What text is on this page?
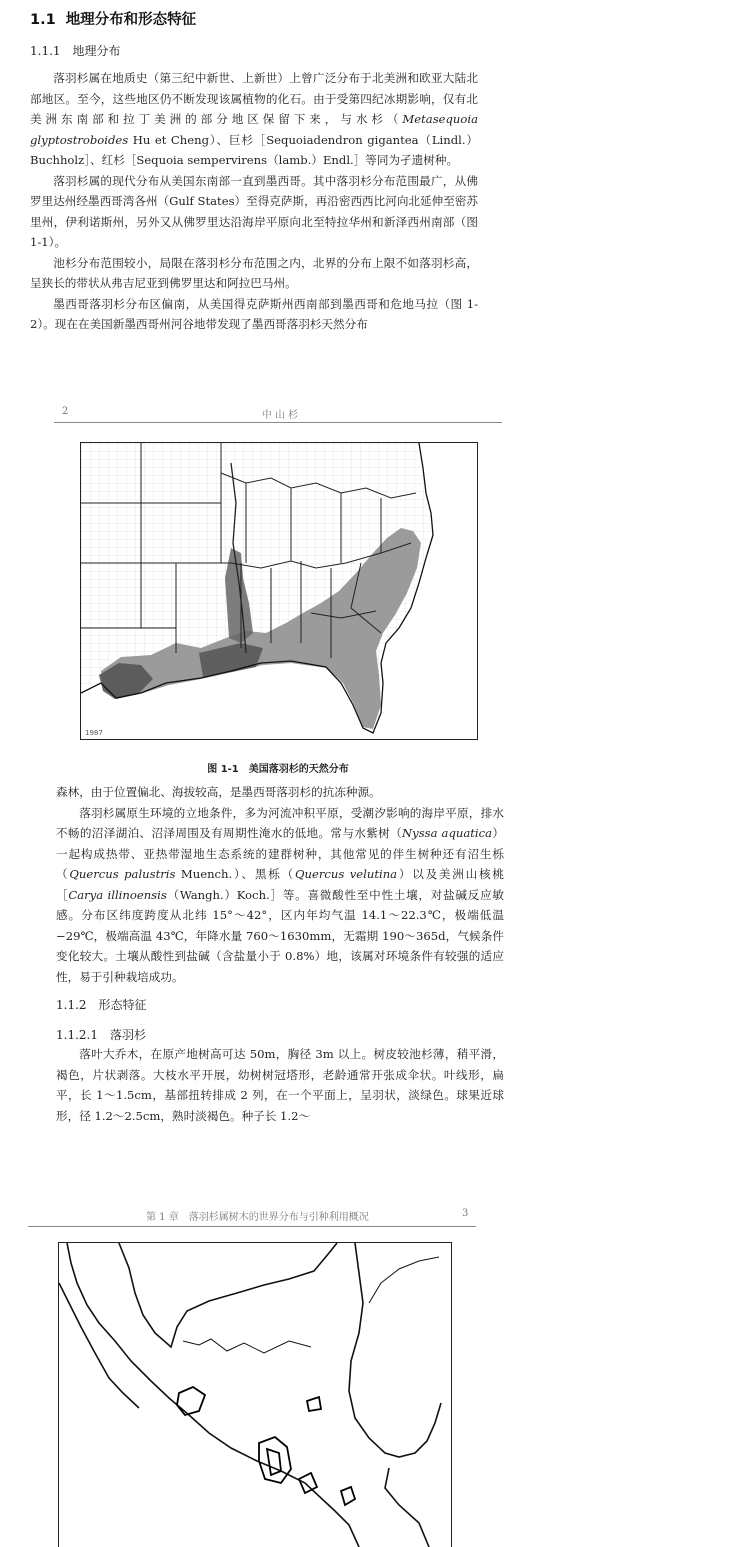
1.1 地理分布和形态特征
1.1.1 地理分布

落羽杉属在地质史（第三纪中新世、上新世）上曾广泛分布于北美洲和欧亚大陆北部地区。至今，这些地区仍不断发现该属植物的化石。由于受第四纪冰期影响，仅有北美洲东南部和拉丁美洲的部分地区保留下来，与水杉（Metasequoia glyptostroboides Hu et Cheng）、巨杉［Sequoiadendron gigantea（Lindl.）Buchholz］、红杉［Sequoia sempervirens（lamb.）Endl.］等同为孑遗树种。

落羽杉属的现代分布从美国东南部一直到墨西哥。其中落羽杉分布范围最广，从佛罗里达州经墨西哥湾各州（Gulf States）至得克萨斯，再沿密西西比河向北延伸至密苏里州，伊利诺斯州，另外又从佛罗里达沿海岸平原向北至特拉华州和新泽西州南部（图 1-1）。

池杉分布范围较小，局限在落羽杉分布范围之内，北界的分布上限不如落羽杉高，呈狭长的带状从弗吉尼亚到佛罗里达和阿拉巴马州。

墨西哥落羽杉分布区偏南，从美国得克萨斯州西南部到墨西哥和危地马拉（图 1-2）。现在在美国新墨西哥州河谷地带发现了墨西哥落羽杉天然分布

2	中 山 杉
1987
图 1-1 美国落羽杉的天然分布

森林，由于位置偏北、海拔较高，是墨西哥落羽杉的抗冻种源。

落羽杉属原生环境的立地条件，多为河流冲积平原，受潮汐影响的海岸平原，排水不畅的沼泽湖泊、沼泽周围及有周期性淹水的低地。常与水紫树（Nyssa aquatica）一起构成热带、亚热带湿地生态系统的建群树种，其他常见的伴生树种还有沼生栎（Quercus palustris Muench.）、黑栎（Quercus velutina）以及美洲山核桃［Carya illinoensis（Wangh.）Koch.］等。喜微酸性至中性土壤，对盐碱反应敏感。分布区纬度跨度从北纬 15°～42°，区内年均气温 14.1～22.3℃，极端低温 −29℃，极端高温 43℃，年降水量 760～1630mm，无霜期 190～365d，气候条件变化较大。土壤从酸性到盐碱（含盐量小于 0.8%）地，该属对环境条件有较强的适应性，易于引种栽培成功。

1.1.2 形态特征
1.1.2.1 落羽杉

落叶大乔木，在原产地树高可达 50m，胸径 3m 以上。树皮较池杉薄，稍平滑，褐色，片状剥落。大枝水平开展，幼树树冠塔形，老龄通常开张成伞状。叶线形，扁平，长 1～1.5cm，基部扭转排成 2 列，在一个平面上，呈羽状，淡绿色。球果近球形，径 1.2～2.5cm，熟时淡褐色。种子长 1.2～

第 1 章　落羽杉属树木的世界分布与引种利用概况	3
